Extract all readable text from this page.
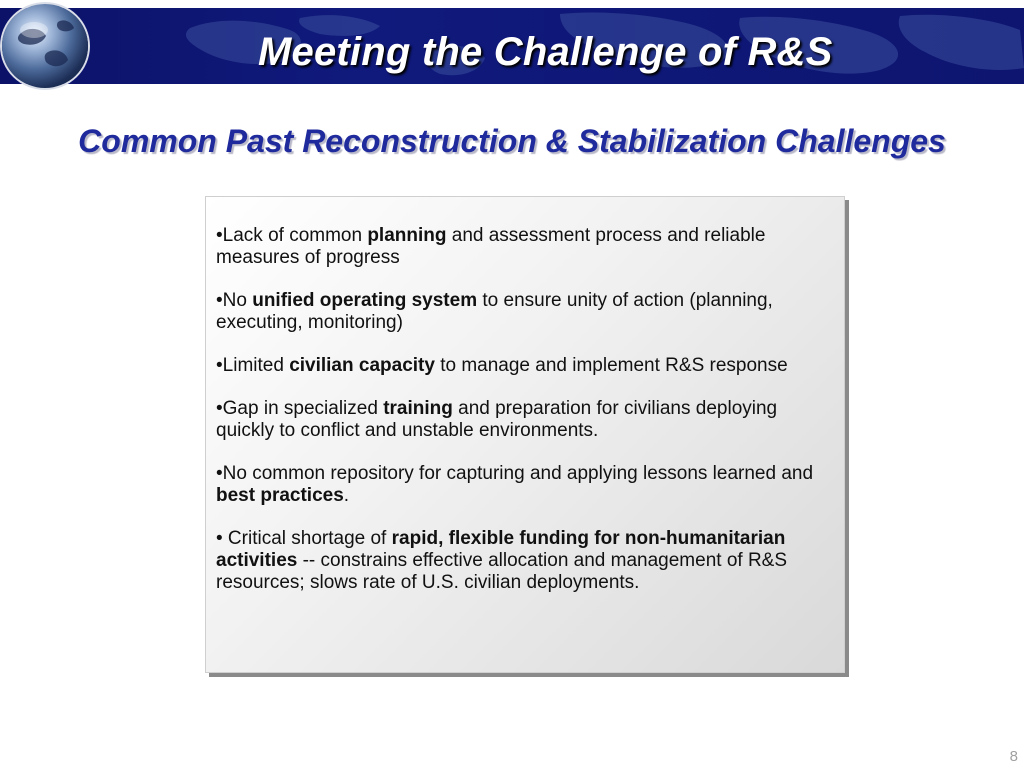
Meeting the Challenge of R&S
Common Past Reconstruction & Stabilization Challenges
•Lack of common planning and assessment process and reliable measures of progress
•No unified operating system to ensure unity of action (planning, executing, monitoring)
•Limited civilian capacity to manage and implement R&S response
•Gap in specialized training and preparation for civilians deploying quickly to conflict and unstable environments.
•No common repository for capturing and applying lessons learned and best practices.
• Critical shortage of rapid, flexible funding for non-humanitarian activities -- constrains effective allocation and management of R&S resources; slows rate of U.S. civilian deployments.
8
